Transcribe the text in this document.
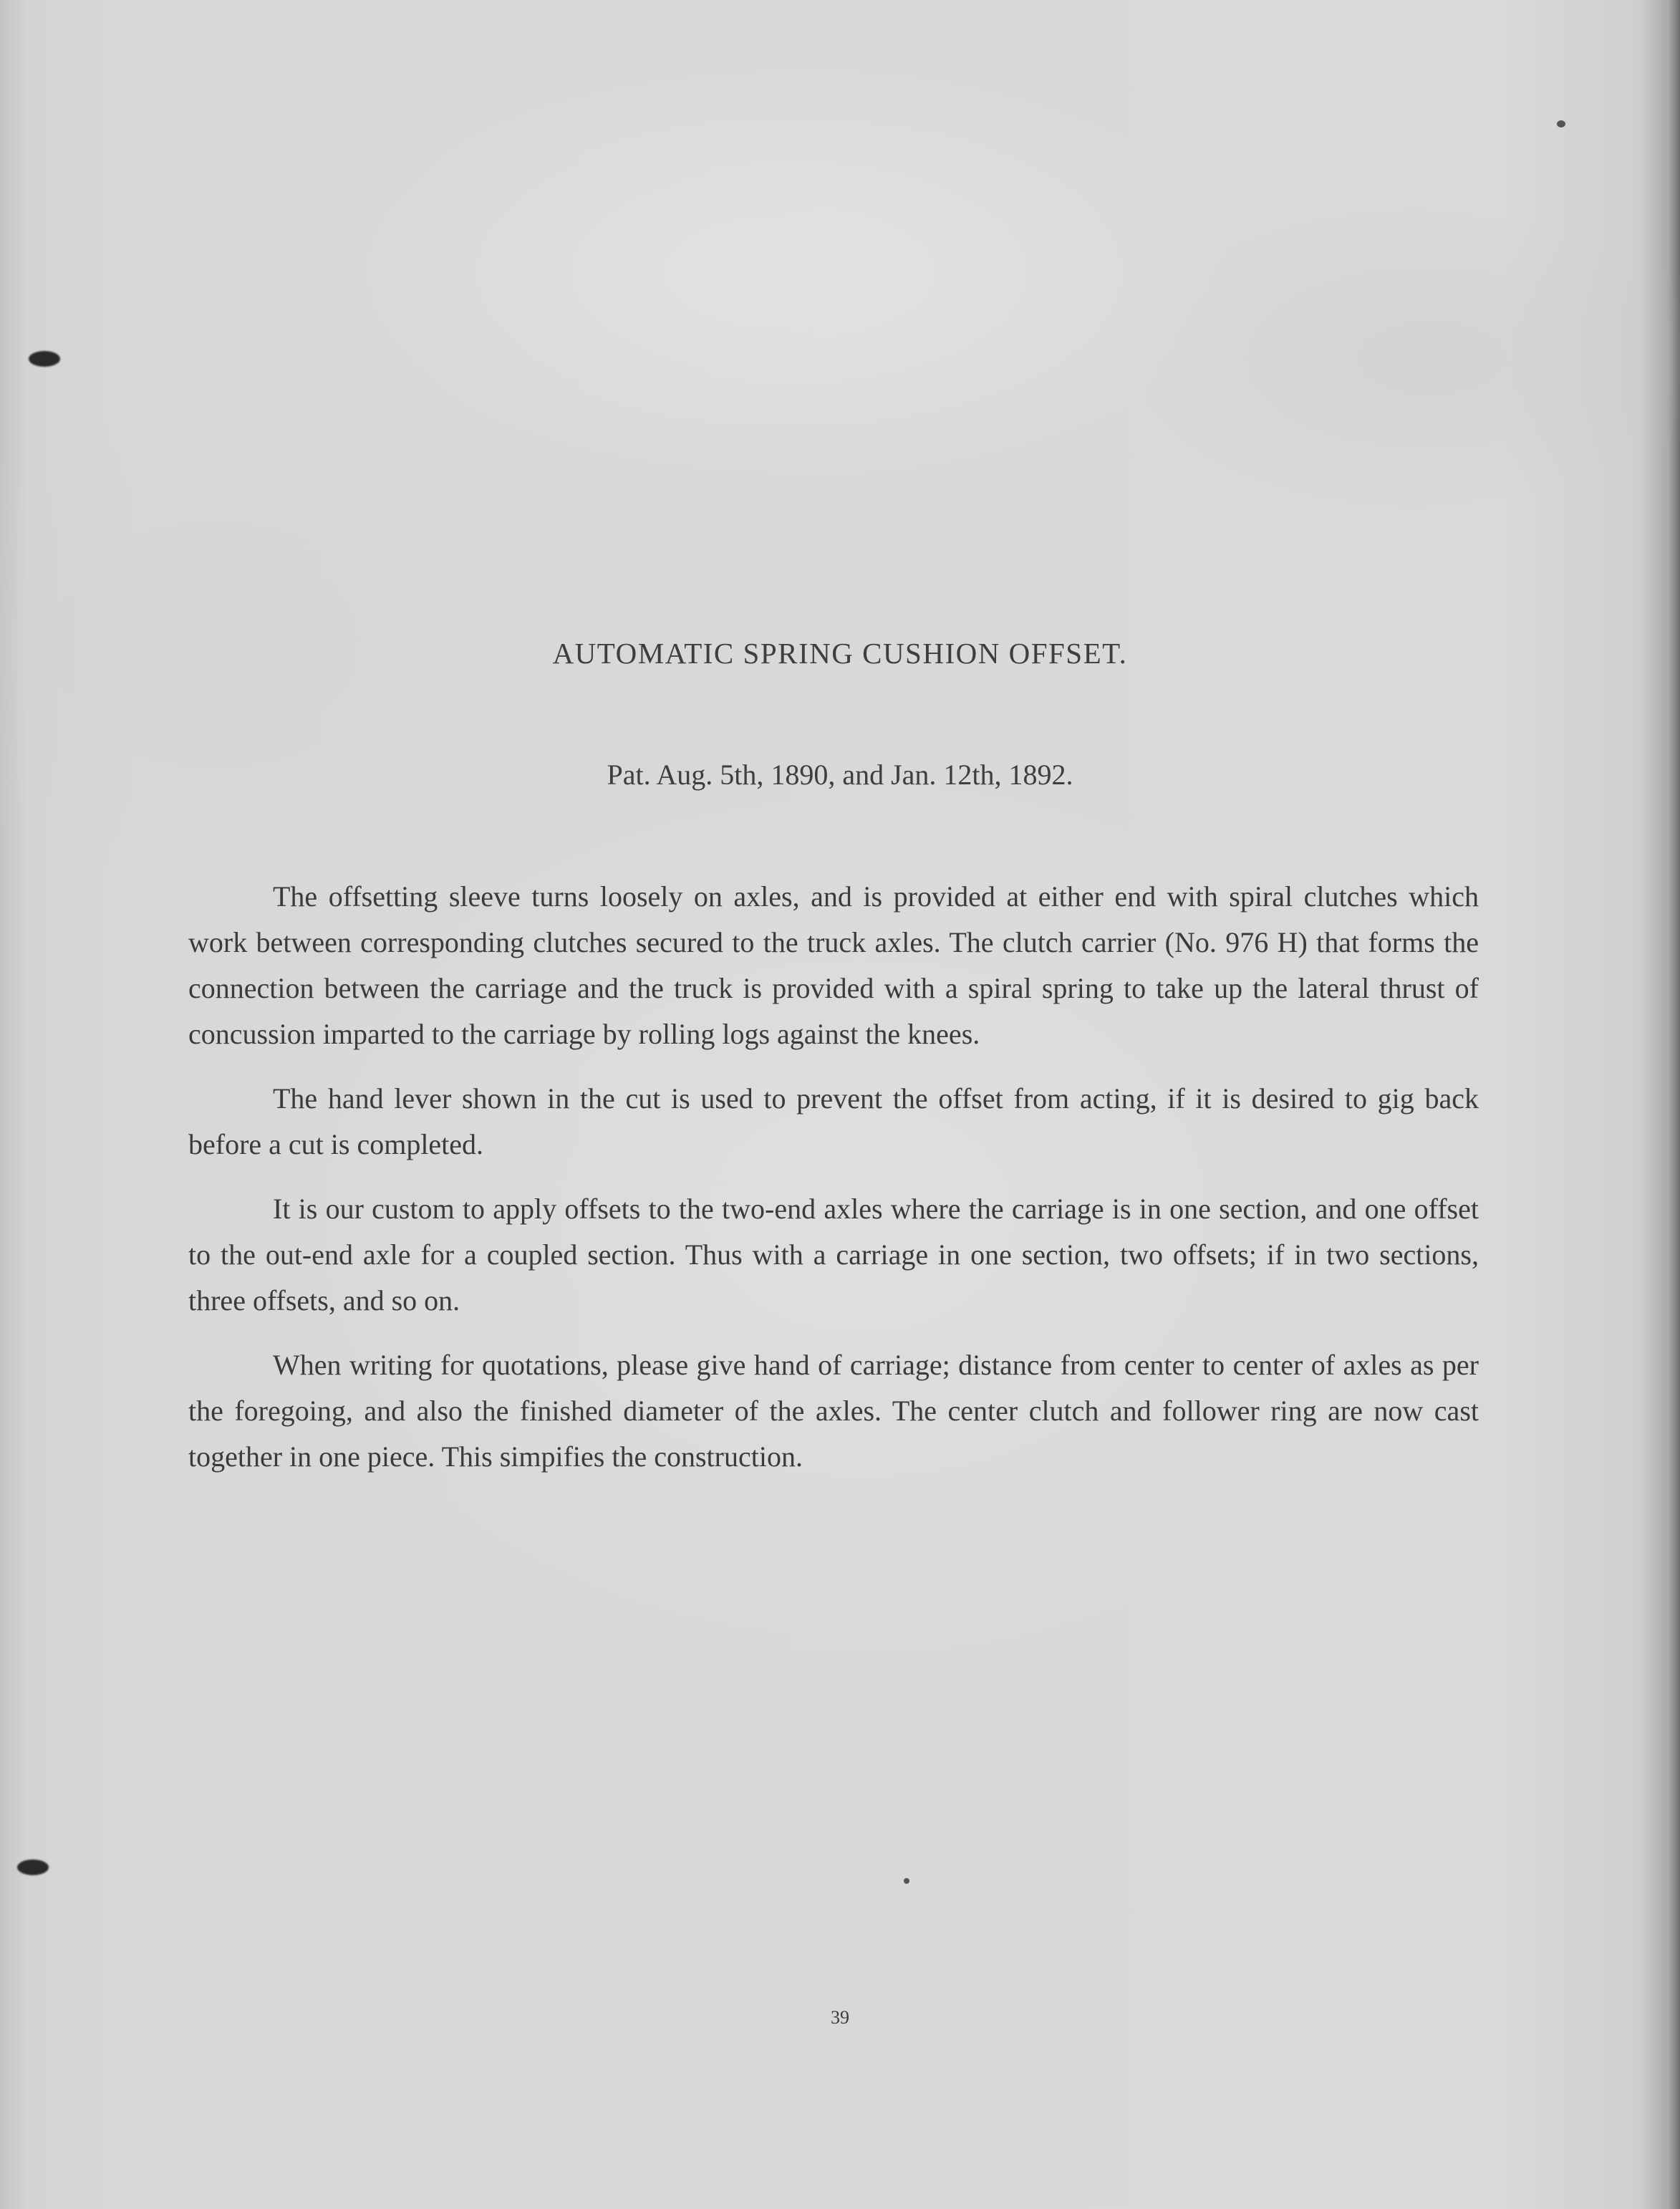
AUTOMATIC SPRING CUSHION OFFSET.
Pat. Aug. 5th, 1890, and Jan. 12th, 1892.

The offsetting sleeve turns loosely on axles, and is provided at either end with spiral clutches which work between corresponding clutches secured to the truck axles. The clutch carrier (No. 976 H) that forms the connection between the carriage and the truck is provided with a spiral spring to take up the lateral thrust of concussion imparted to the carriage by rolling logs against the knees.

The hand lever shown in the cut is used to prevent the offset from acting, if it is desired to gig back before a cut is completed.

It is our custom to apply offsets to the two-end axles where the carriage is in one section, and one offset to the out-end axle for a coupled section. Thus with a carriage in one section, two offsets; if in two sections, three offsets, and so on.

When writing for quotations, please give hand of carriage; distance from center to center of axles as per the foregoing, and also the finished diameter of the axles. The center clutch and follower ring are now cast together in one piece. This simpifies the construction.

39
